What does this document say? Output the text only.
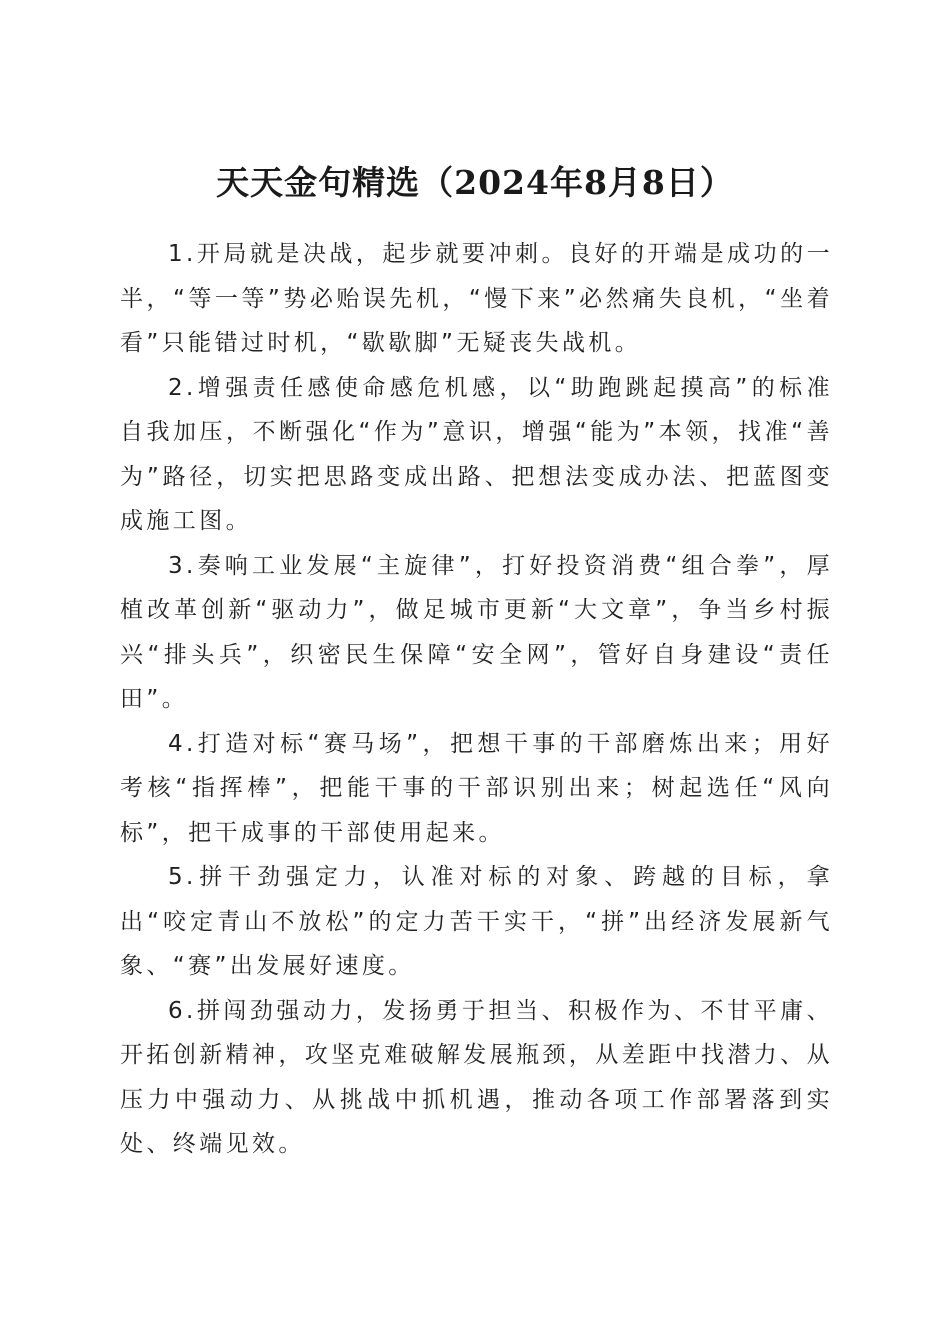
天天金句精选（2024年8月8日）

1.开局就是决战，起步就要冲刺。良好的开端是成功的一半，“等一等”势必贻误先机，“慢下来”必然痛失良机，“坐着看”只能错过时机，“歇歇脚”无疑丧失战机。

2.增强责任感使命感危机感，以“助跑跳起摸高”的标准自我加压，不断强化“作为”意识，增强“能为”本领，找准“善为”路径，切实把思路变成出路、把想法变成办法、把蓝图变成施工图。

3.奏响工业发展“主旋律”，打好投资消费“组合拳”，厚植改革创新“驱动力”，做足城市更新“大文章”，争当乡村振兴“排头兵”，织密民生保障“安全网”，管好自身建设“责任田”。

4.打造对标“赛马场”，把想干事的干部磨炼出来；用好考核“指挥棒”，把能干事的干部识别出来；树起选任“风向标”，把干成事的干部使用起来。

5.拼干劲强定力，认准对标的对象、跨越的目标，拿出“咬定青山不放松”的定力苦干实干，“拼”出经济发展新气象、“赛”出发展好速度。

6.拼闯劲强动力，发扬勇于担当、积极作为、不甘平庸、开拓创新精神，攻坚克难破解发展瓶颈，从差距中找潜力、从压力中强动力、从挑战中抓机遇，推动各项工作部署落到实处、终端见效。
